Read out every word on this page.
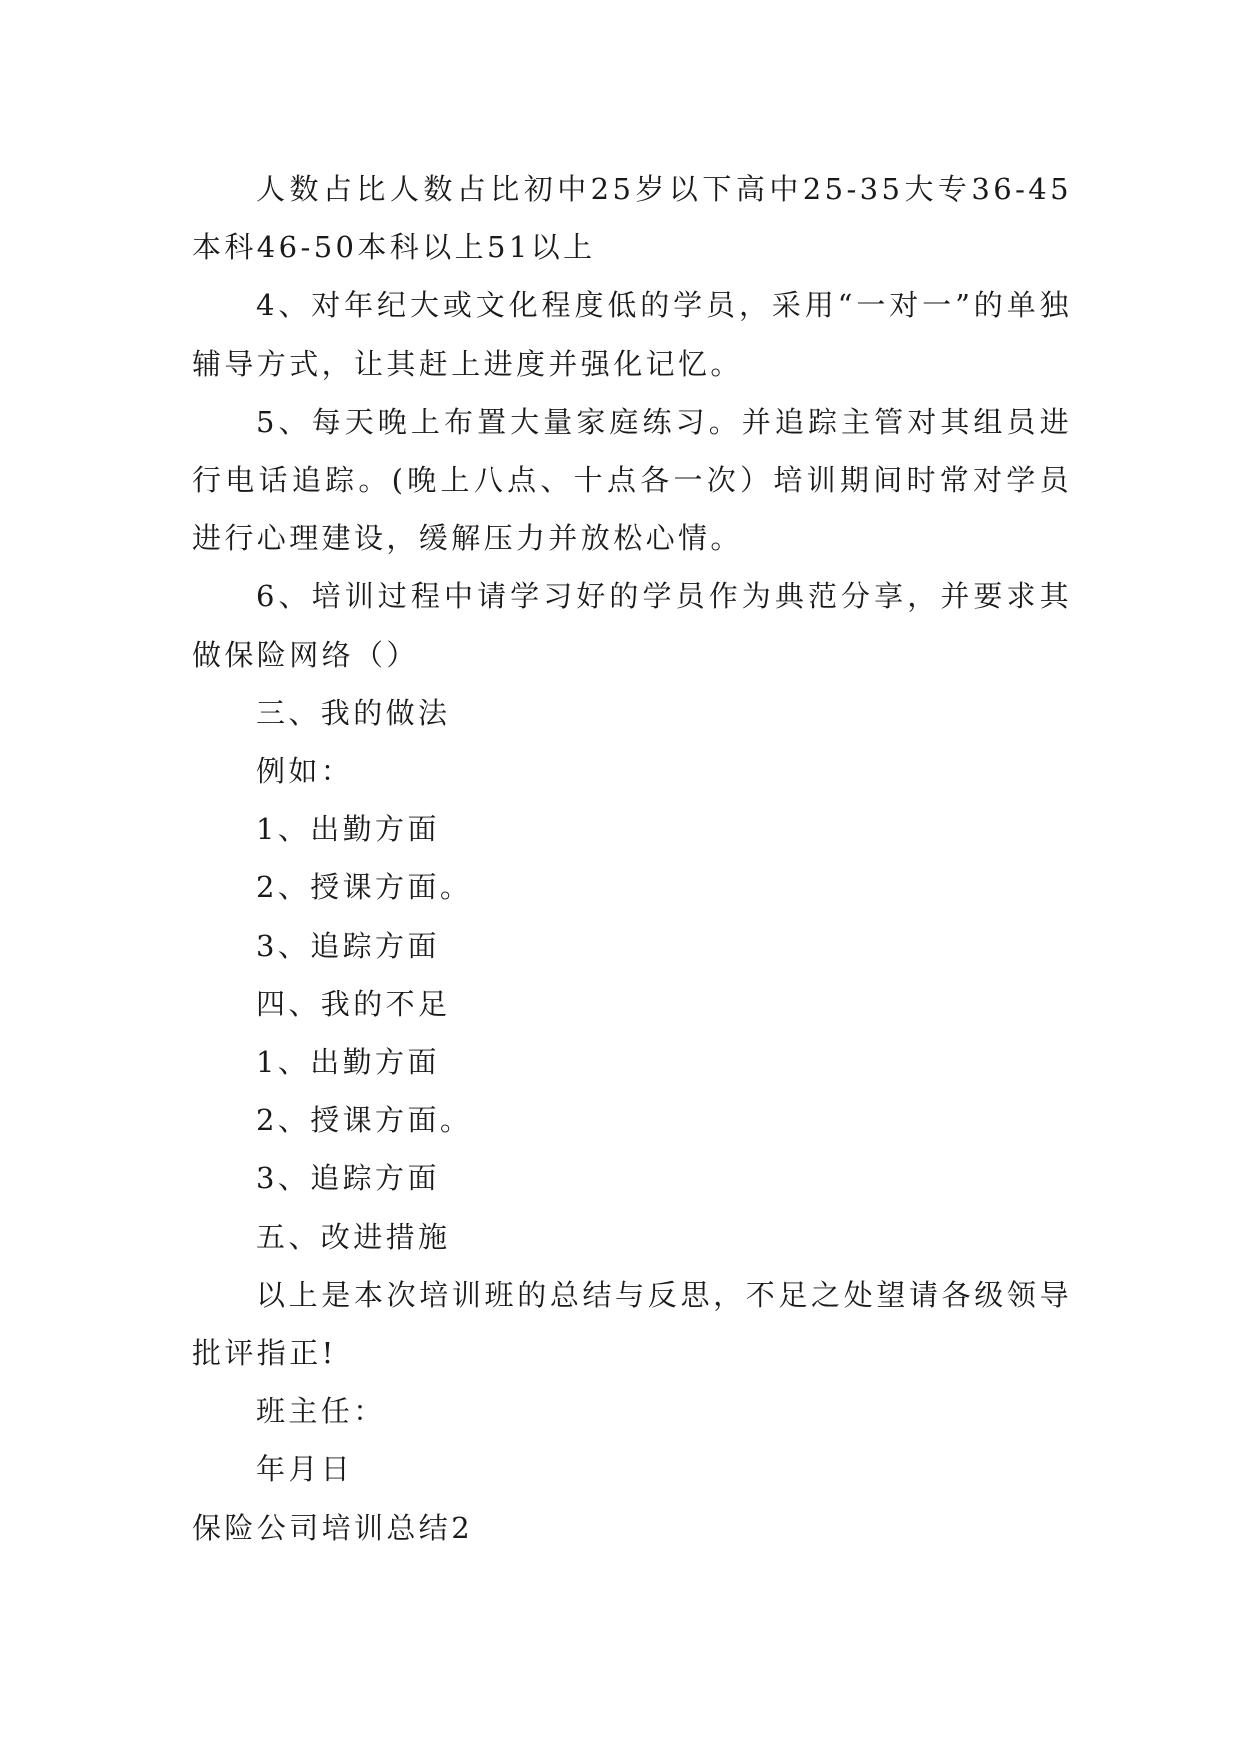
人数占比人数占比初中25岁以下高中25-35大专36-45本科46-50本科以上51以上

4、对年纪大或文化程度低的学员，采用“一对一”的单独辅导方式，让其赶上进度并强化记忆。

5、每天晚上布置大量家庭练习。并追踪主管对其组员进行电话追踪。(晚上八点、十点各一次）培训期间时常对学员进行心理建设，缓解压力并放松心情。

6、培训过程中请学习好的学员作为典范分享，并要求其做保险网络（）

三、我的做法

例如：

1、出勤方面

2、授课方面。

3、追踪方面

四、我的不足

1、出勤方面

2、授课方面。

3、追踪方面

五、改进措施

以上是本次培训班的总结与反思，不足之处望请各级领导批评指正!

班主任：

年月日

保险公司培训总结2
